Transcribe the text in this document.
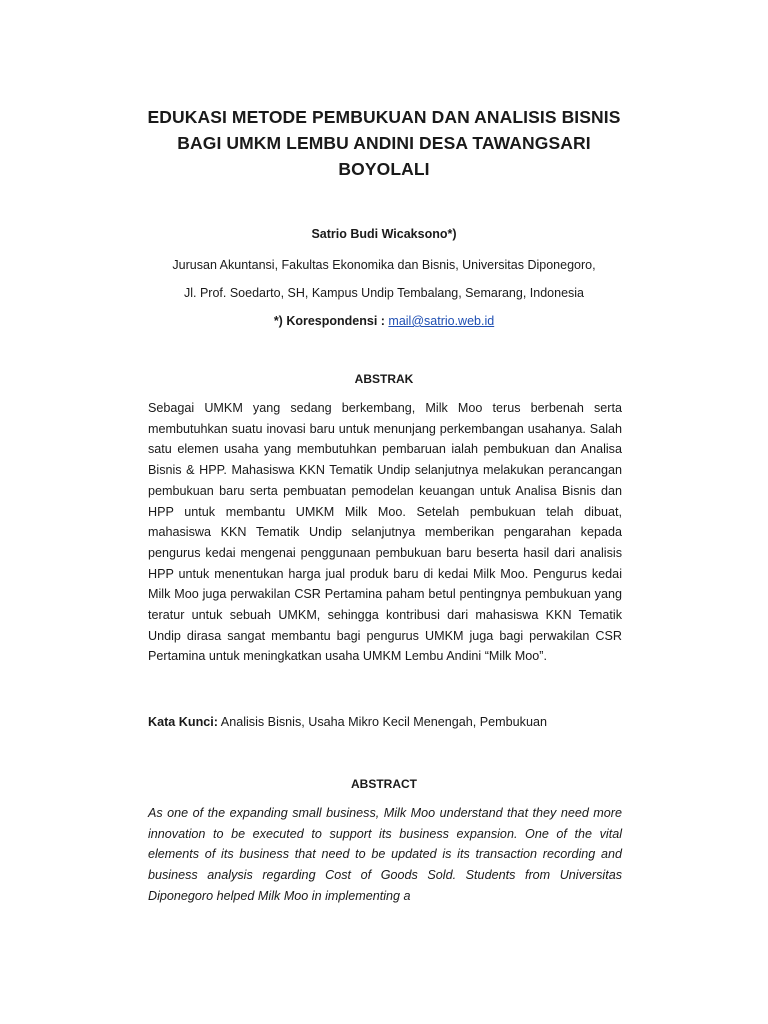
EDUKASI METODE PEMBUKUAN DAN ANALISIS BISNIS
BAGI UMKM LEMBU ANDINI DESA TAWANGSARI
BOYOLALI
Satrio Budi Wicaksono*)
Jurusan Akuntansi, Fakultas Ekonomika dan Bisnis, Universitas Diponegoro,
Jl. Prof. Soedarto, SH, Kampus Undip Tembalang, Semarang, Indonesia
*) Korespondensi : mail@satrio.web.id
ABSTRAK
Sebagai UMKM yang sedang berkembang, Milk Moo terus berbenah serta membutuhkan suatu inovasi baru untuk menunjang perkembangan usahanya. Salah satu elemen usaha yang membutuhkan pembaruan ialah pembukuan dan Analisa Bisnis & HPP. Mahasiswa KKN Tematik Undip selanjutnya melakukan perancangan pembukuan baru serta pembuatan pemodelan keuangan untuk Analisa Bisnis dan HPP untuk membantu UMKM Milk Moo. Setelah pembukuan telah dibuat, mahasiswa KKN Tematik Undip selanjutnya memberikan pengarahan kepada pengurus kedai mengenai penggunaan pembukuan baru beserta hasil dari analisis HPP untuk menentukan harga jual produk baru di kedai Milk Moo. Pengurus kedai Milk Moo juga perwakilan CSR Pertamina paham betul pentingnya pembukuan yang teratur untuk sebuah UMKM, sehingga kontribusi dari mahasiswa KKN Tematik Undip dirasa sangat membantu bagi pengurus UMKM juga bagi perwakilan CSR Pertamina untuk meningkatkan usaha UMKM Lembu Andini “Milk Moo”.
Kata Kunci: Analisis Bisnis, Usaha Mikro Kecil Menengah, Pembukuan
ABSTRACT
As one of the expanding small business, Milk Moo understand that they need more innovation to be executed to support its business expansion. One of the vital elements of its business that need to be updated is its transaction recording and business analysis regarding Cost of Goods Sold. Students from Universitas Diponegoro helped Milk Moo in implementing a
